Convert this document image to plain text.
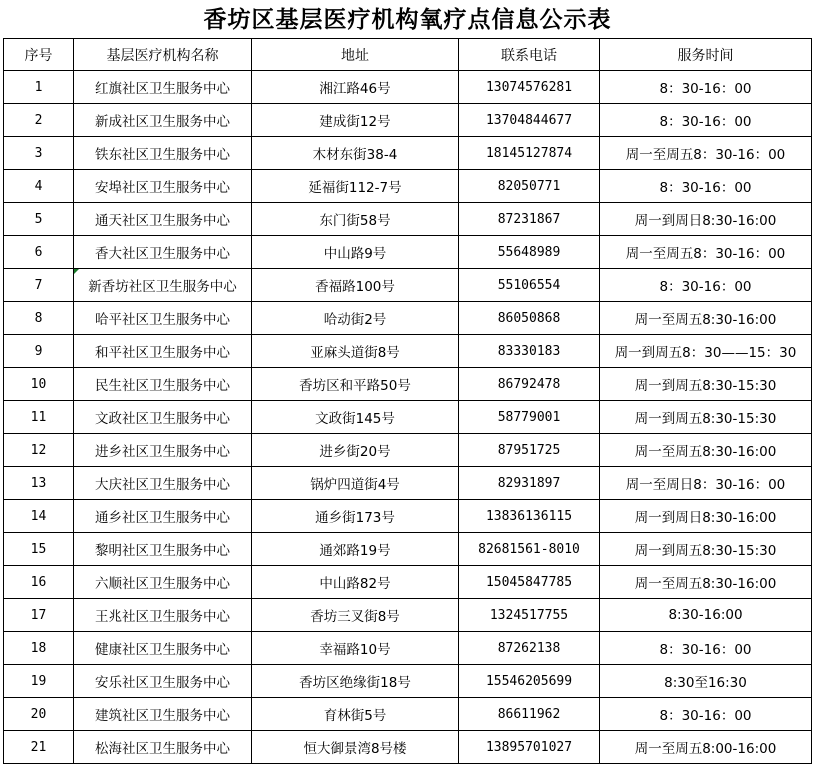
香坊区基层医疗机构氧疗点信息公示表
序号	基层医疗机构名称	地址	联系电话	服务时间
1	红旗社区卫生服务中心	湘江路46号	13074576281	8：30-16：00
2	新成社区卫生服务中心	建成街12号	13704844677	8：30-16：00
3	铁东社区卫生服务中心	木材东街38-4	18145127874	周一至周五8：30-16：00
4	安埠社区卫生服务中心	延福街112-7号	82050771	8：30-16：00
5	通天社区卫生服务中心	东门街58号	87231867	周一到周日8:30-16:00
6	香大社区卫生服务中心	中山路9号	55648989	周一至周五8：30-16：00
7	新香坊社区卫生服务中心	香福路100号	55106554	8：30-16：00
8	哈平社区卫生服务中心	哈动街2号	86050868	周一至周五8:30-16:00
9	和平社区卫生服务中心	亚麻头道街8号	83330183	周一到周五8：30——15：30
10	民生社区卫生服务中心	香坊区和平路50号	86792478	周一到周五8:30-15:30
11	文政社区卫生服务中心	文政街145号	58779001	周一到周五8:30-15:30
12	进乡社区卫生服务中心	进乡街20号	87951725	周一至周五8:30-16:00
13	大庆社区卫生服务中心	锅炉四道街4号	82931897	周一至周日8：30-16：00
14	通乡社区卫生服务中心	通乡街173号	13836136115	周一到周日8:30-16:00
15	黎明社区卫生服务中心	通郊路19号	82681561-8010	周一到周五8:30-15:30
16	六顺社区卫生服务中心	中山路82号	15045847785	周一至周五8:30-16:00
17	王兆社区卫生服务中心	香坊三叉街8号	1324517755	8:30-16:00
18	健康社区卫生服务中心	幸福路10号	87262138	8：30-16：00
19	安乐社区卫生服务中心	香坊区绝缘街18号	15546205699	8:30至16:30
20	建筑社区卫生服务中心	育林街5号	86611962	8：30-16：00
21	松海社区卫生服务中心	恒大御景湾8号楼	13895701027	周一至周五8:00-16:00
